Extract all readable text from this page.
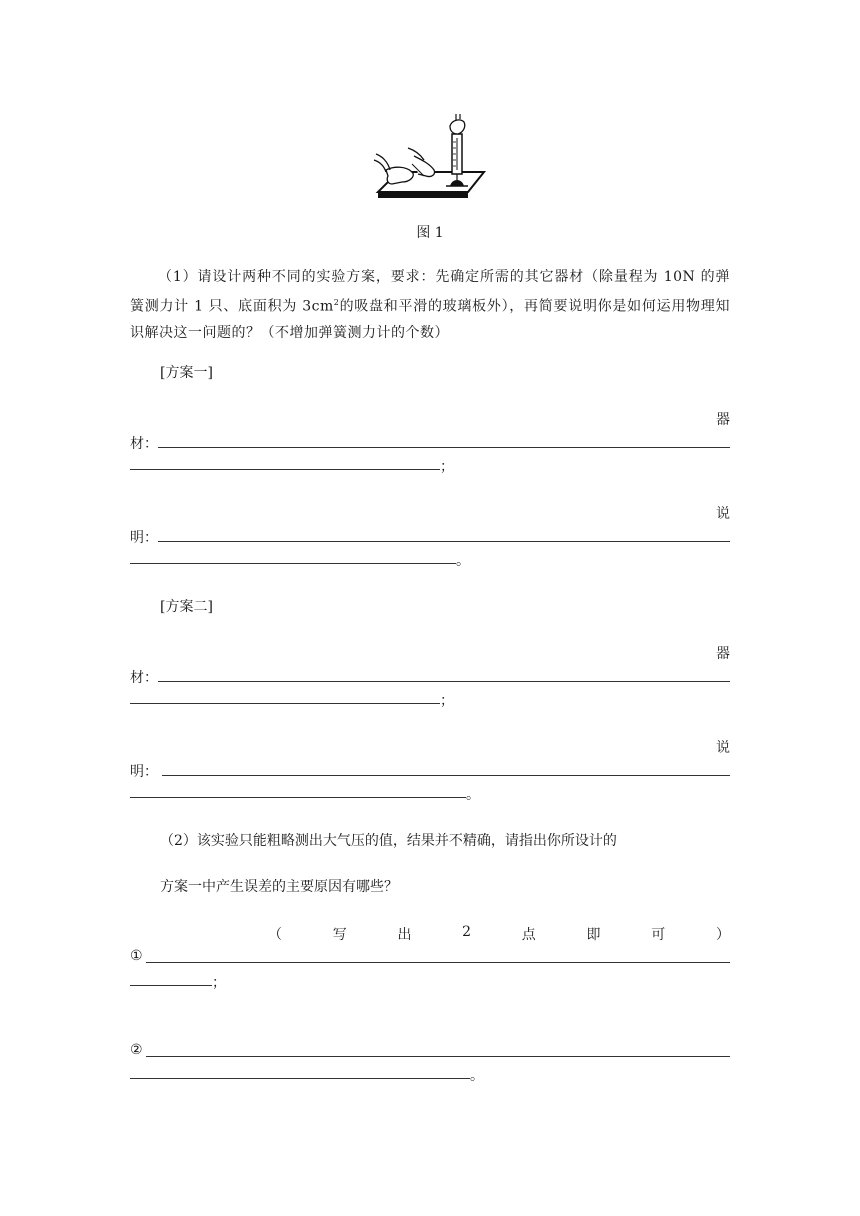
图 1
（1）请设计两种不同的实验方案，要求：先确定所需的其它器材（除量程为 10N 的弹簧测力计 1 只、底面积为 $3cm^2$的吸盘和平滑的玻璃板外），再简要说明你是如何运用物理知识解决这一问题的？（不增加弹簧测力计的个数）
[方案一]
器
材：
；
说
明：
。
[方案二]
器
材：
；
说
明：
。
（2）该实验只能粗略测出大气压的值，结果并不精确，请指出你所设计的
方案一中产生误差的主要原因有哪些？
（	写	出	2	点	即	可	）
①
；
②
。
